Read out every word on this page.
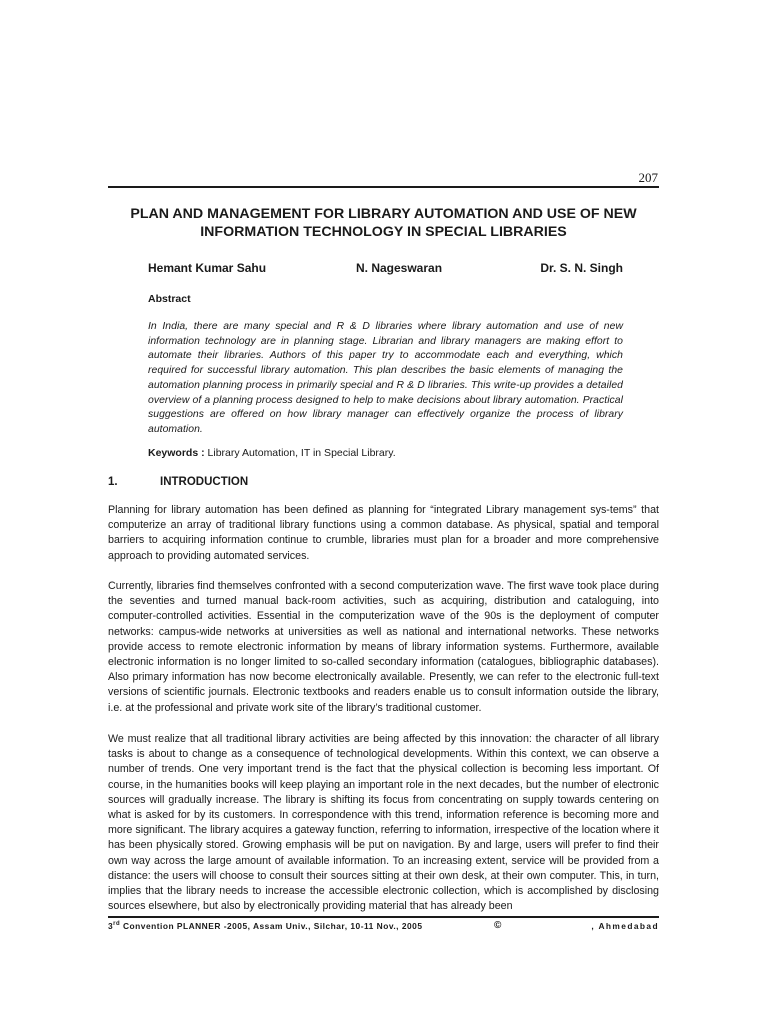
207
PLAN AND MANAGEMENT FOR LIBRARY AUTOMATION AND USE OF NEW INFORMATION TECHNOLOGY IN SPECIAL LIBRARIES
Hemant Kumar Sahu	N. Nageswaran	Dr. S. N. Singh
Abstract
In India, there are many special and R & D libraries where library automation and use of new information technology are in planning stage. Librarian and library managers are making effort to automate their libraries. Authors of this paper try to accommodate each and everything, which required for successful library automation. This plan describes the basic elements of managing the automation planning process in primarily special and R & D libraries. This write-up provides a detailed overview of a planning process designed to help to make decisions about library automation. Practical suggestions are offered on how library manager can effectively organize the process of library automation.
Keywords : Library Automation, IT in Special Library.
1.	INTRODUCTION

Planning for library automation has been defined as planning for “integrated Library management sys-tems” that computerize an array of traditional library functions using a common database. As physical, spatial and temporal barriers to acquiring information continue to crumble, libraries must plan for a broader and more comprehensive approach to providing automated services.

Currently, libraries find themselves confronted with a second computerization wave. The first wave took place during the seventies and turned manual back-room activities, such as acquiring, distribution and cataloguing, into computer-controlled activities. Essential in the computerization wave of the 90s is the deployment of computer networks: campus-wide networks at universities as well as national and international networks. These networks provide access to remote electronic information by means of library information systems. Furthermore, available electronic information is no longer limited to so-called secondary information (catalogues, bibliographic databases). Also primary information has now become electronically available. Presently, we can refer to the electronic full-text versions of scientific journals. Electronic textbooks and readers enable us to consult information outside the library, i.e. at the professional and private work site of the library’s traditional customer.

We must realize that all traditional library activities are being affected by this innovation: the character of all library tasks is about to change as a consequence of technological developments. Within this context, we can observe a number of trends. One very important trend is the fact that the physical collection is becoming less important. Of course, in the humanities books will keep playing an important role in the next decades, but the number of electronic sources will gradually increase. The library is shifting its focus from concentrating on supply towards centering on what is asked for by its customers. In correspondence with this trend, information reference is becoming more and more significant. The library acquires a gateway function, referring to information, irrespective of the location where it has been physically stored. Growing emphasis will be put on navigation. By and large, users will prefer to find their own way across the large amount of available information. To an increasing extent, service will be provided from a distance: the users will choose to consult their sources sitting at their own desk, at their own computer. This, in turn, implies that the library needs to increase the accessible electronic collection, which is accomplished by disclosing sources elsewhere, but also by electronically providing material that has already been

3rd Convention PLANNER -2005, Assam Univ., Silchar, 10-11 Nov., 2005	©	, Ahmedabad
